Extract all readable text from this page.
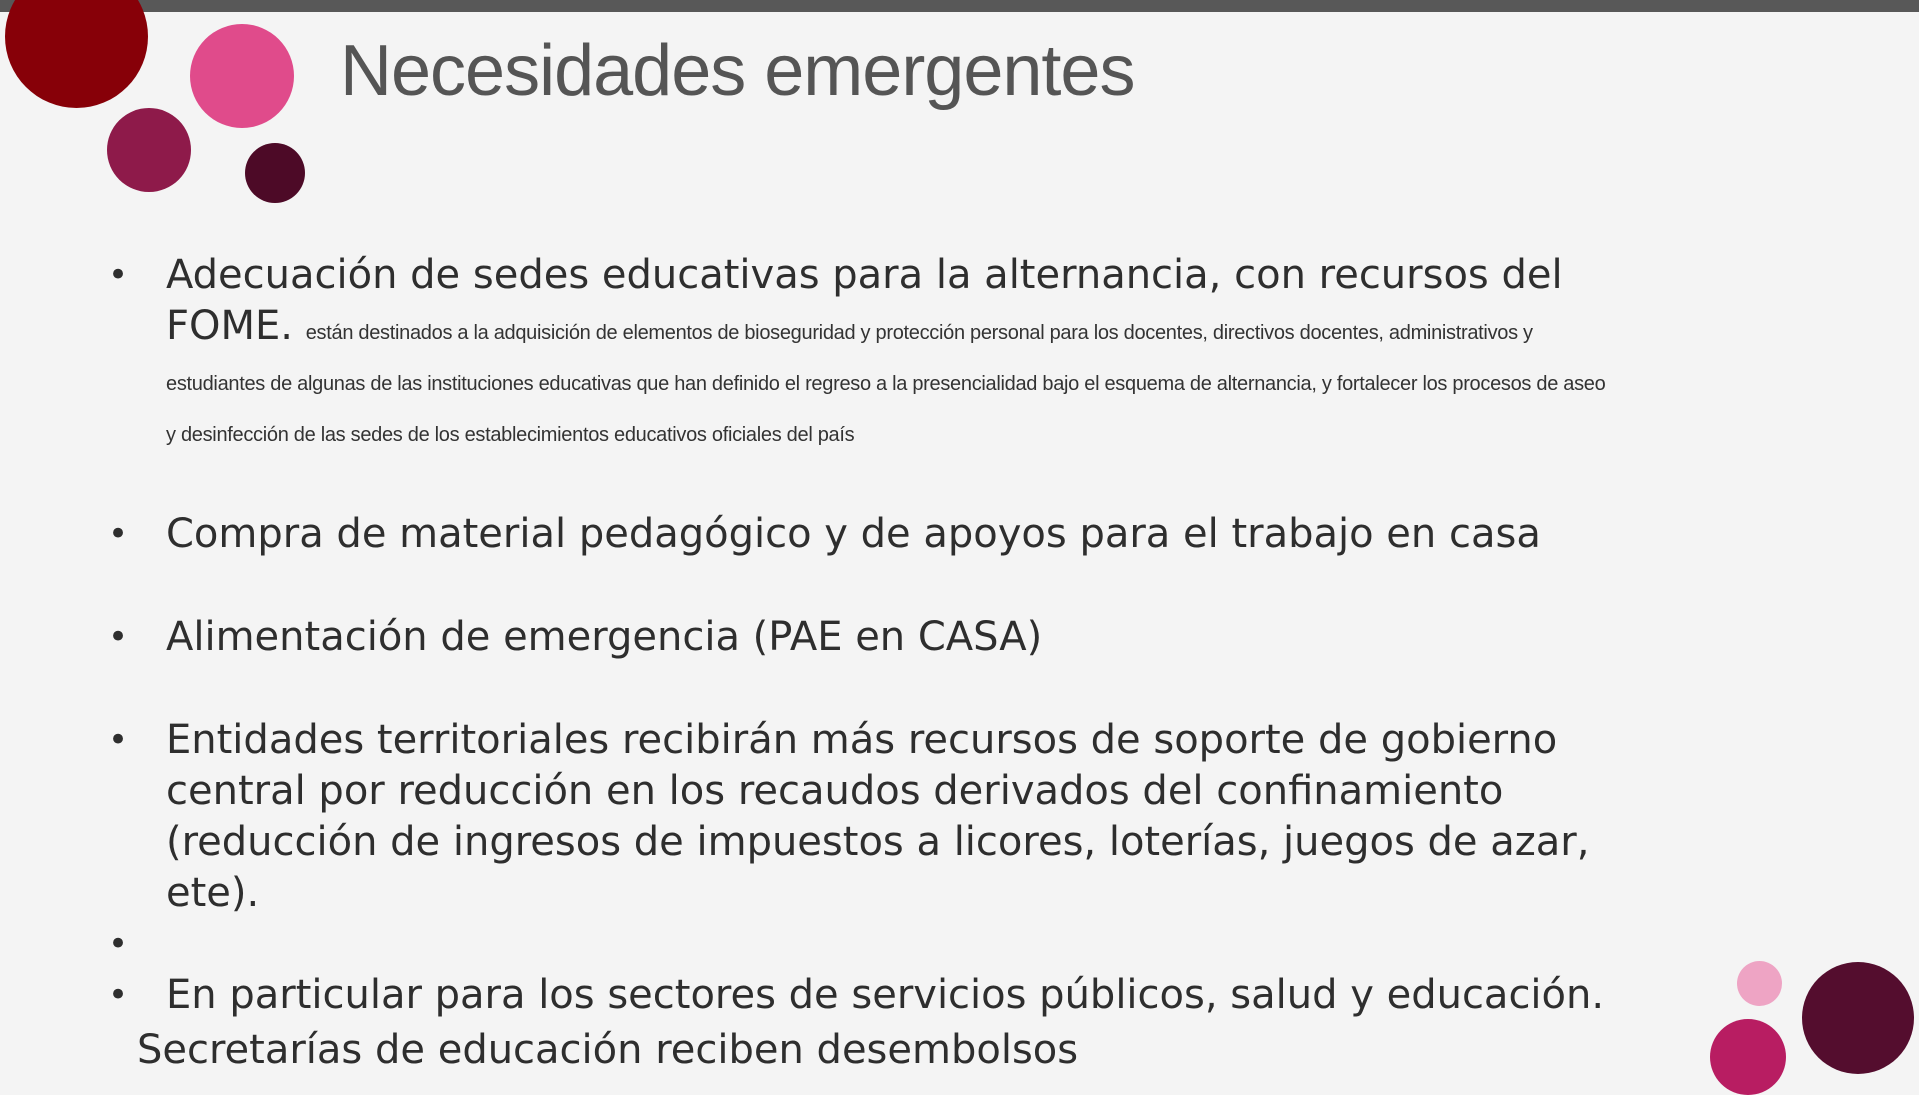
Necesidades emergentes
• Adecuación de sedes educativas para la alternancia, con recursos del FOME. están destinados a la adquisición de elementos de bioseguridad y protección personal para los docentes, directivos docentes, administrativos y estudiantes de algunas de las instituciones educativas que han definido el regreso a la presencialidad bajo el esquema de alternancia, y fortalecer los procesos de aseo y desinfección de las sedes de los establecimientos educativos oficiales del país
• Compra de material pedagógico y de apoyos para el trabajo en casa
• Alimentación de emergencia (PAE en CASA)
• Entidades territoriales recibirán más recursos de soporte de gobierno central por reducción en los recaudos derivados del confinamiento (reducción de ingresos de impuestos a licores, loterías, juegos de azar, ete).
•

• En particular para los sectores de servicios públicos, salud y educación.
Secretarías de educación reciben desembolsos
